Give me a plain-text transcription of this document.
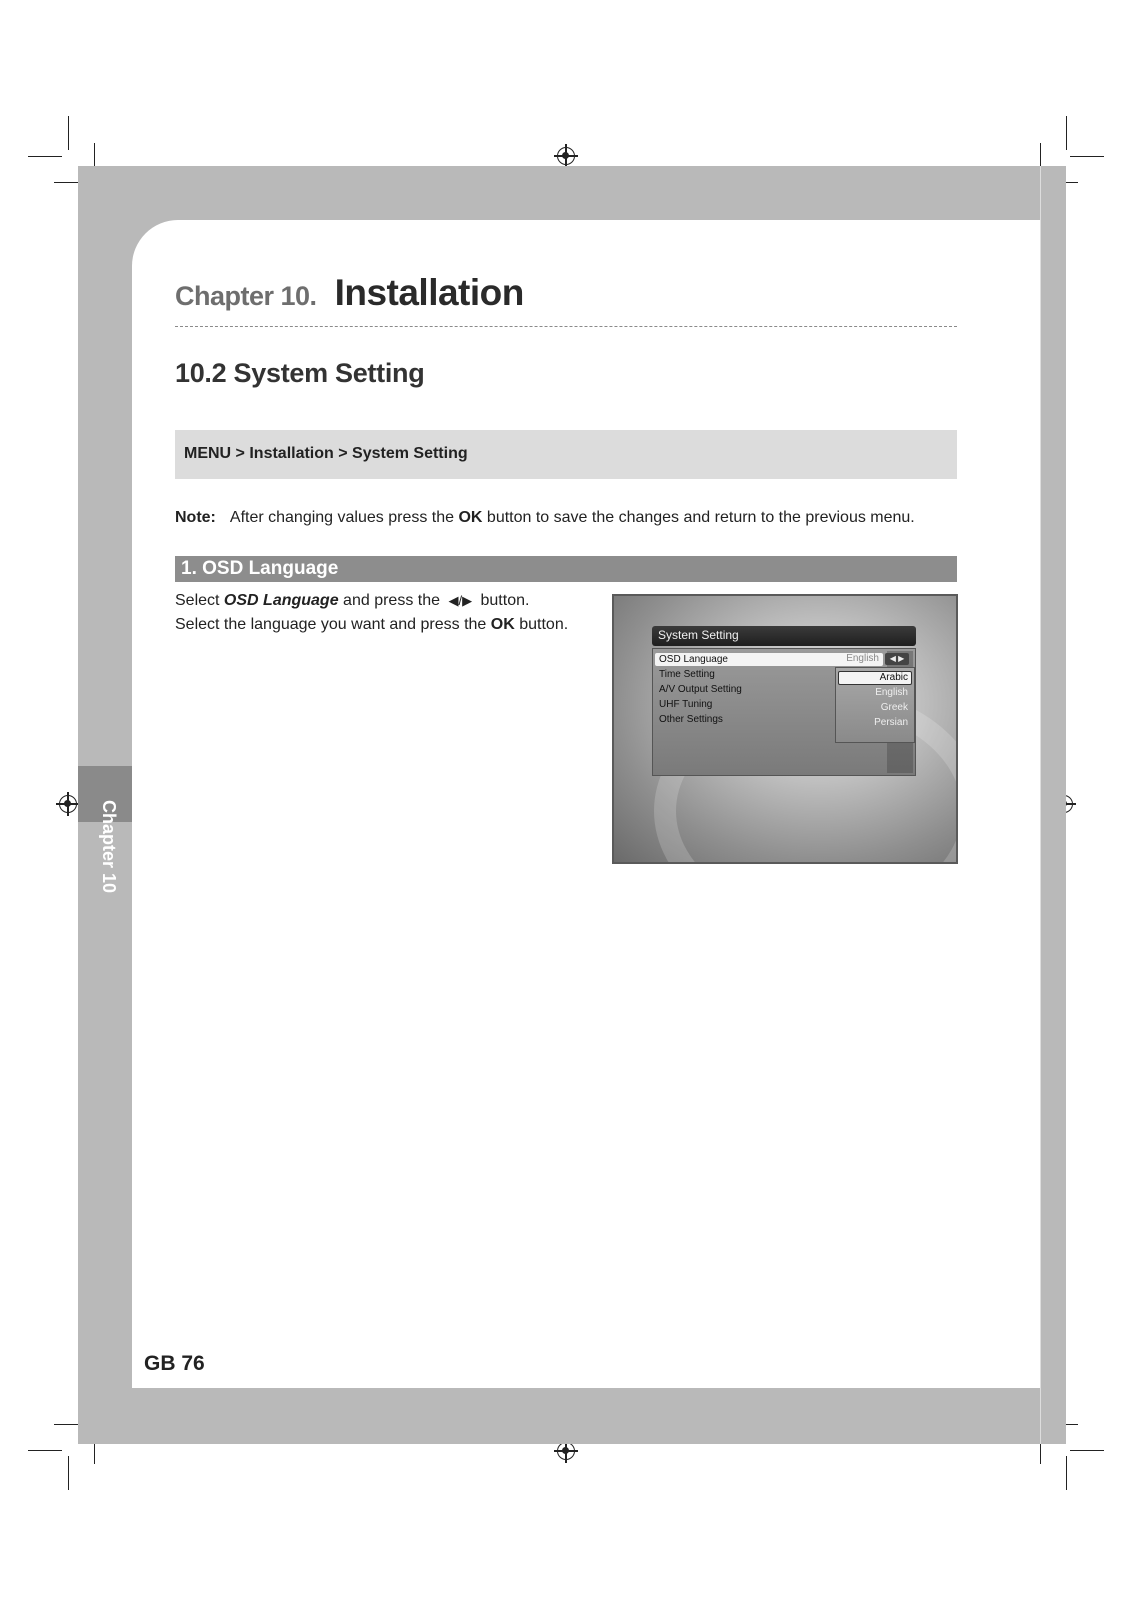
Chapter 10
Chapter 10. Installation
10.2 System Setting
MENU > Installation > System Setting
Note: After changing values press the OK button to save the changes and return to the previous menu.
1. OSD Language
Select OSD Language and press the ◀/▶ button.
Select the language you want and press the OK button.
System Setting
OSD Language
Time Setting
A/V Output Setting
UHF Tuning
Other Settings
English	◀ ▶
Arabic
English
Greek
Persian
GB 76
